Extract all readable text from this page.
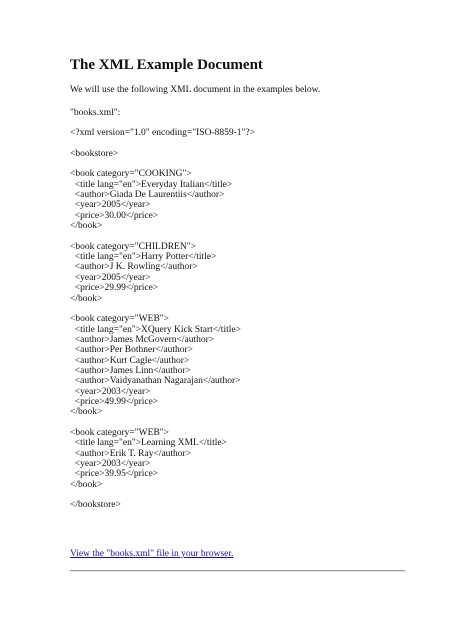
The XML Example Document
We will use the following XML document in the examples below.
"books.xml":
<?xml version="1.0" encoding="ISO-8859-1"?>
<bookstore>
<book category="COOKING">
<title lang="en">Everyday Italian</title>
<author>Giada De Laurentiis</author>
<year>2005</year>
<price>30.00</price>
</book>
<book category="CHILDREN">
<title lang="en">Harry Potter</title>
<author>J K. Rowling</author>
<year>2005</year>
<price>29.99</price>
</book>
<book category="WEB">
<title lang="en">XQuery Kick Start</title>
<author>James McGovern</author>
<author>Per Bothner</author>
<author>Kurt Cagle</author>
<author>James Linn</author>
<author>Vaidyanathan Nagarajan</author>
<year>2003</year>
<price>49.99</price>
</book>
<book category="WEB">
<title lang="en">Learning XML</title>
<author>Erik T. Ray</author>
<year>2003</year>
<price>39.95</price>
</book>
</bookstore>
View the "books.xml" file in your browser.
